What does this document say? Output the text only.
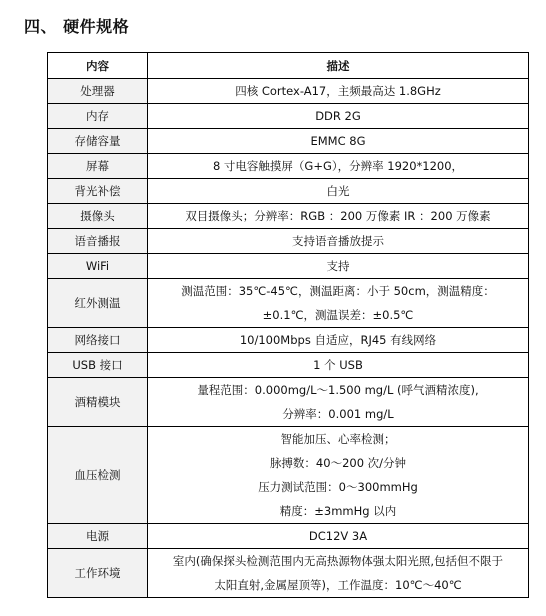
四、 硬件规格
内容	描述
处理器	四核 Cortex-A17，主频最高达 1.8GHz

内存	DDR 2G

存储容量	EMMC 8G

屏幕	8 寸电容触摸屏（G+G），分辨率 1920*1200，

背光补偿	白光

摄像头	双目摄像头；分辨率：RGB ：200 万像素 IR ：200 万像素

语音播报	支持语音播放提示

WiFi	支持

红外测温	测温范围：35℃-45℃，测温距离：小于 50cm，测温精度：
±0.1℃，测温误差：±0.5℃

网络接口	10/100Mbps 自适应，RJ45 有线网络

USB 接口	1 个 USB

酒精模块	量程范围：0.000mg/L～1.500 mg/L (呼气酒精浓度),
分辨率：0.001 mg/L

血压检测	智能加压、心率检测；
脉搏数：40～200 次/分钟
压力测试范围：0～300mmHg
精度：±3mmHg 以内

电源	DC12V 3A

工作环境	室内(确保探头检测范围内无高热源物体强太阳光照,包括但不限于
太阳直射,金属屋顶等)，工作温度：10℃～40℃
